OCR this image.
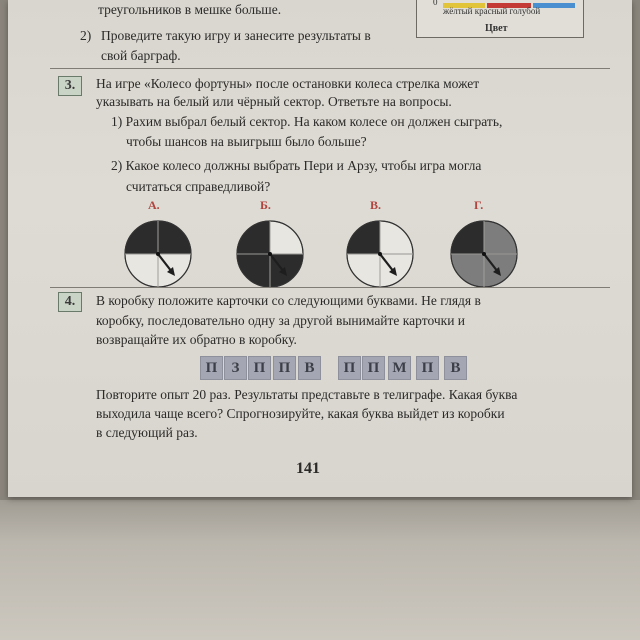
треугольников в мешке больше.
2) Проведите такую игру и занесите результаты в
свой барграф.
0
жёлтый красный голубой
Цвет
3.	На игре «Колесо фортуны» после остановки колеса стрелка может
указывать на белый или чёрный сектор. Ответьте на вопросы.
1) Рахим выбрал белый сектор. На каком колесе он должен сыграть,
чтобы шансов на выигрыш было больше?
2) Какое колесо должны выбрать Пери и Арзу, чтобы игра могла
считаться справедливой?
А.	Б.	В.	Г.
4.	В коробку положите карточки со следующими буквами. Не глядя в
коробку, последовательно одну за другой вынимайте карточки и
возвращайте их обратно в коробку.
П З П П В	П П М	П	В
Повторите опыт 20 раз. Результаты представьте в телиграфе. Какая буква
выходила чаще всего? Спрогнозируйте, какая буква выйдет из коробки
в следующий раз.
141
